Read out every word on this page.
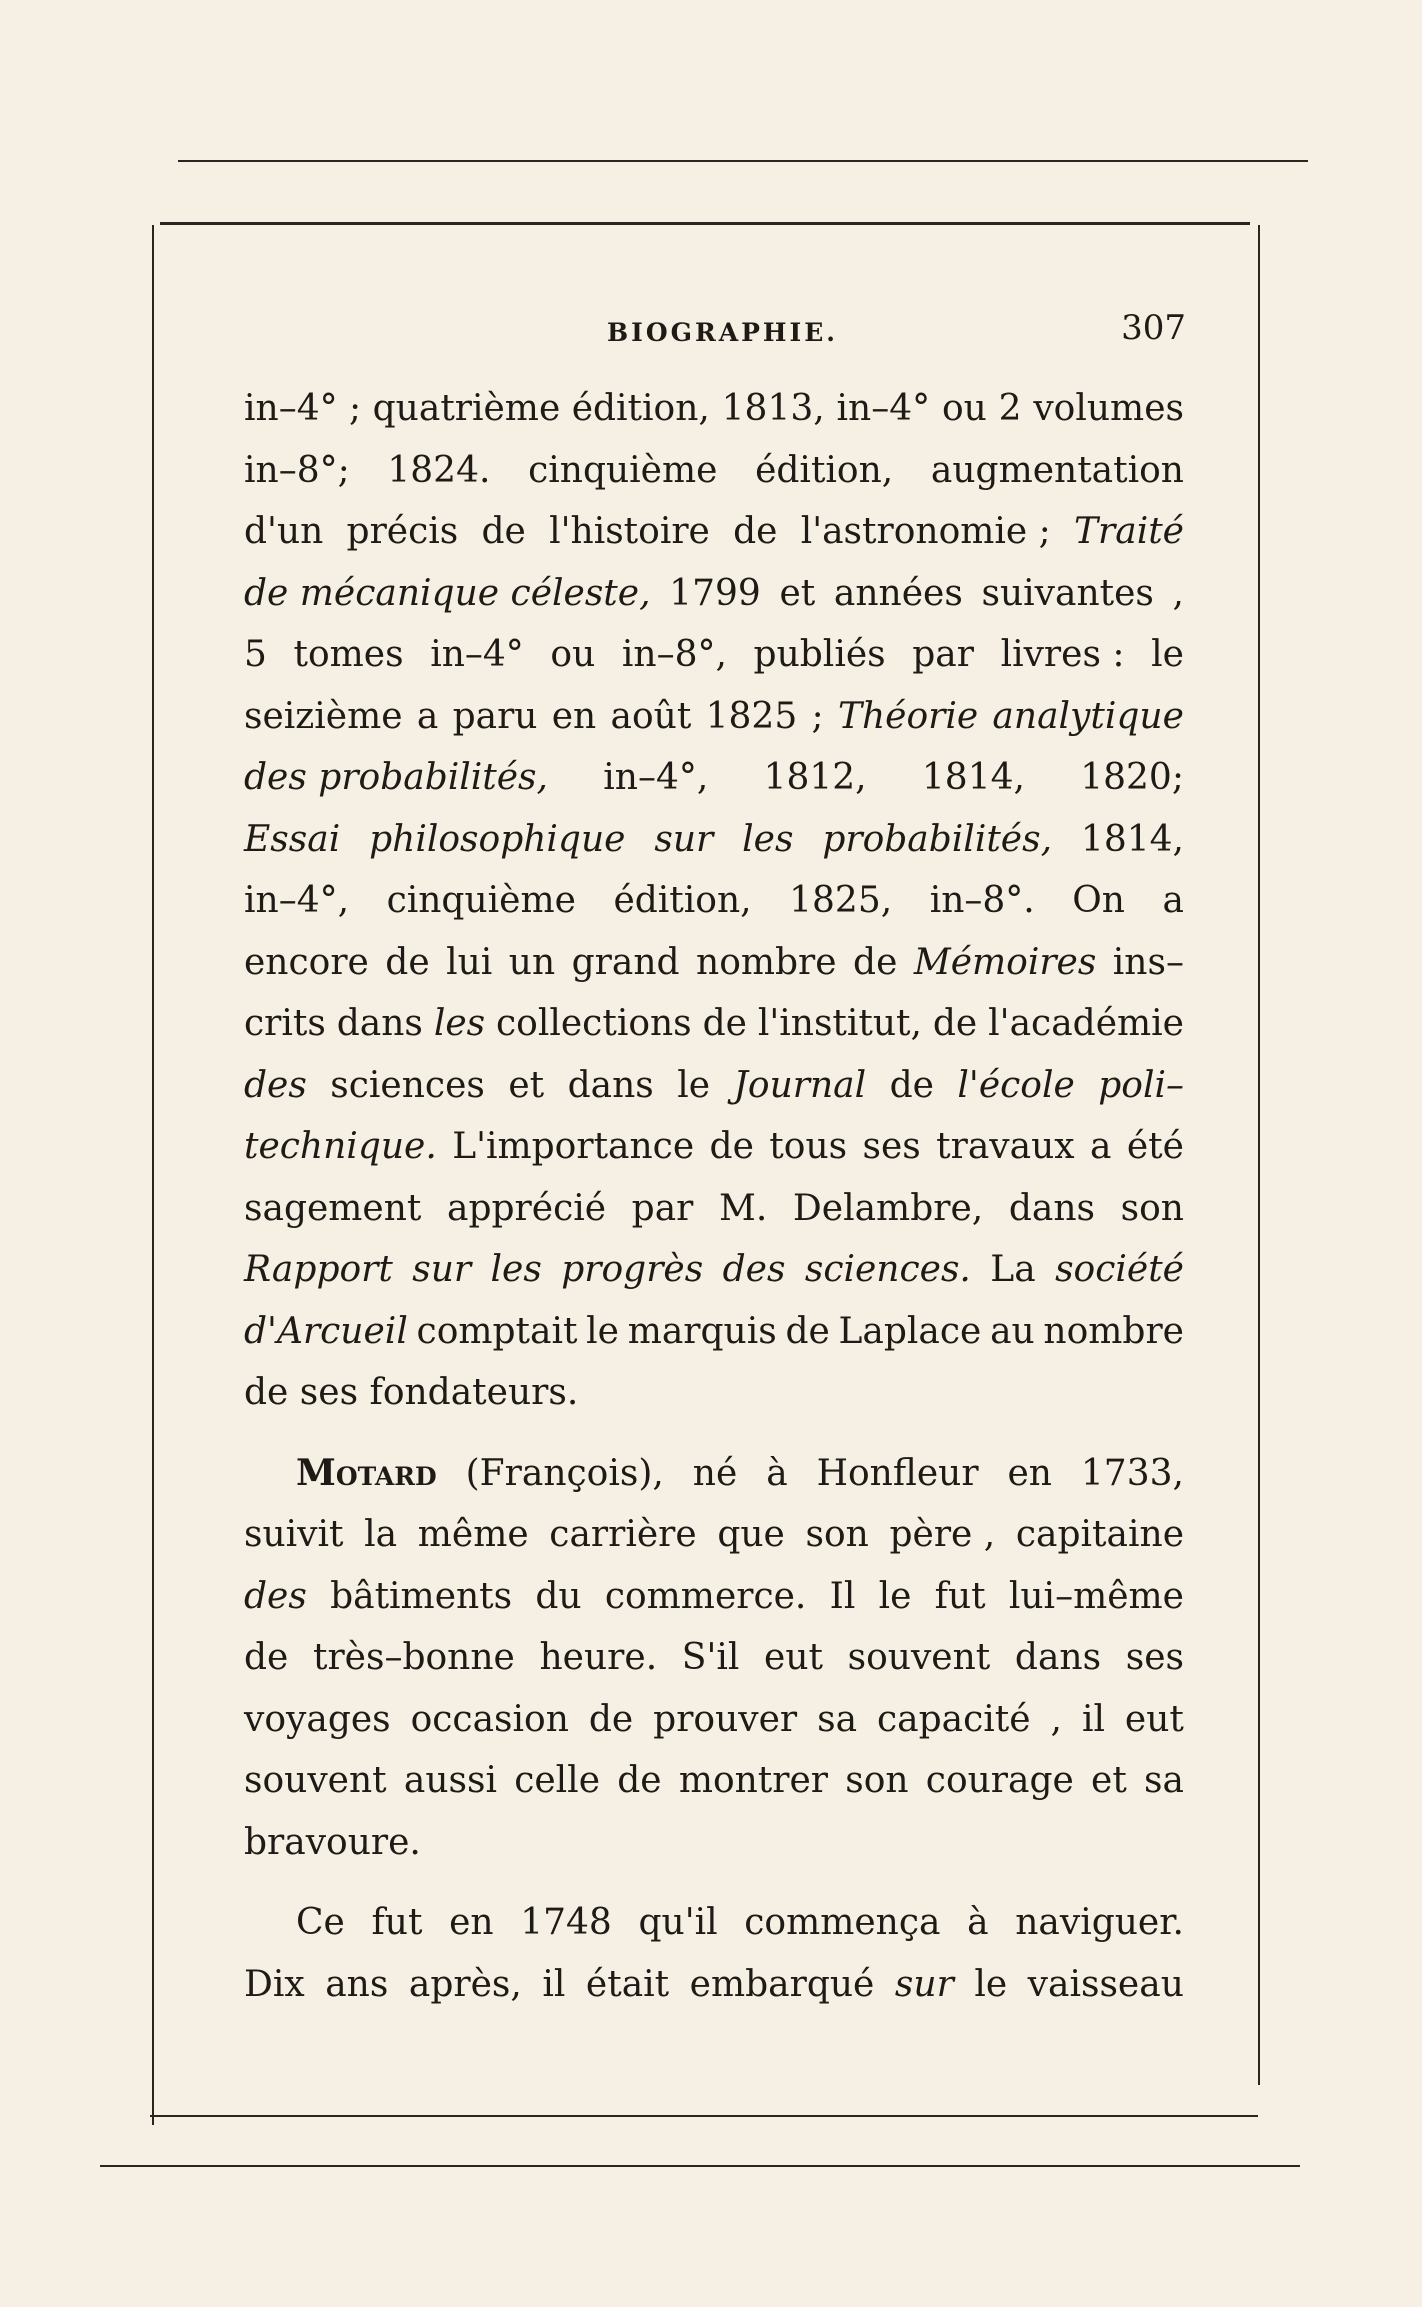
BIOGRAPHIE.	307
in–4° ; quatrième édition, 1813, in–4° ou 2 volumes
in–8°; 1824. cinquième édition, augmentation
d'un précis de l'histoire de l'astronomie ; Traité
de mécanique céleste, 1799 et années suivantes ,
5 tomes in–4° ou in–8°, publiés par livres : le
seizième a paru en août 1825 ; Théorie analytique
des probabilités, in–4°, 1812, 1814, 1820;
Essai philosophique sur les probabilités, 1814,
in–4°, cinquième édition, 1825, in–8°. On a
encore de lui un grand nombre de Mémoires ins–
crits dans les collections de l'institut, de l'académie
des sciences et dans le Journal de l'école poli–
technique. L'importance de tous ses travaux a été
sagement apprécié par M. Delambre, dans son
Rapport sur les progrès des sciences. La société
d'Arcueil comptait le marquis de Laplace au nombre
de ses fondateurs.
Motard (François), né à Honfleur en 1733,
suivit la même carrière que son père , capitaine
des bâtiments du commerce. Il le fut lui–même
de très–bonne heure. S'il eut souvent dans ses
voyages occasion de prouver sa capacité , il eut
souvent aussi celle de montrer son courage et sa
bravoure.
Ce fut en 1748 qu'il commença à naviguer.
Dix ans après, il était embarqué sur le vaisseau
